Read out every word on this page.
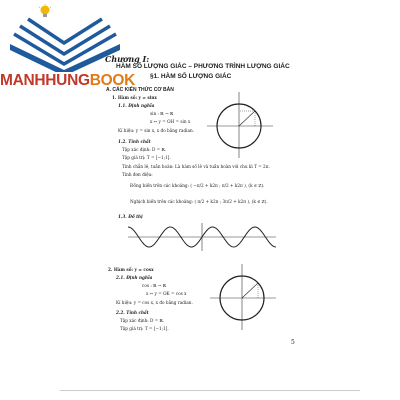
MANHHUNGBOOK
Chương I:
HÀM SỐ LƯỢNG GIÁC – PHƯƠNG TRÌNH LƯỢNG GIÁC
§1. HÀM SỐ LƯỢNG GIÁC
A. CÁC KIẾN THỨC CƠ BẢN
1. Hàm số: y = sinx
1.1. Định nghĩa
sin : ℝ → ℝ
x ↦ y = OH = sin x
Kí hiệu: y = sin x, x đo bằng radian.
1.2. Tính chất
Tập xác định: D = ℝ.
Tập giá trị: T = [−1;1].
Tính chẵn lẻ, tuần hoàn: Là hàm số lẻ và tuần hoàn với chu kì T = 2π.
Tính đơn điệu:
Đồng biến trên các khoảng: ( −π/2 + k2π ; π/2 + k2π ), (k ∈ ℤ).
Nghịch biến trên các khoảng: ( π/2 + k2π ; 3π/2 + k2π ), (k ∈ ℤ).
1.3. Đồ thị
2. Hàm số: y = cosx
2.1. Định nghĩa
cos : ℝ → ℝ
x ↦ y = OK = cos x
Kí hiệu: y = cos x, x đo bằng radian.
2.2. Tính chất
Tập xác định: D = ℝ.
Tập giá trị: T = [−1;1].
5
